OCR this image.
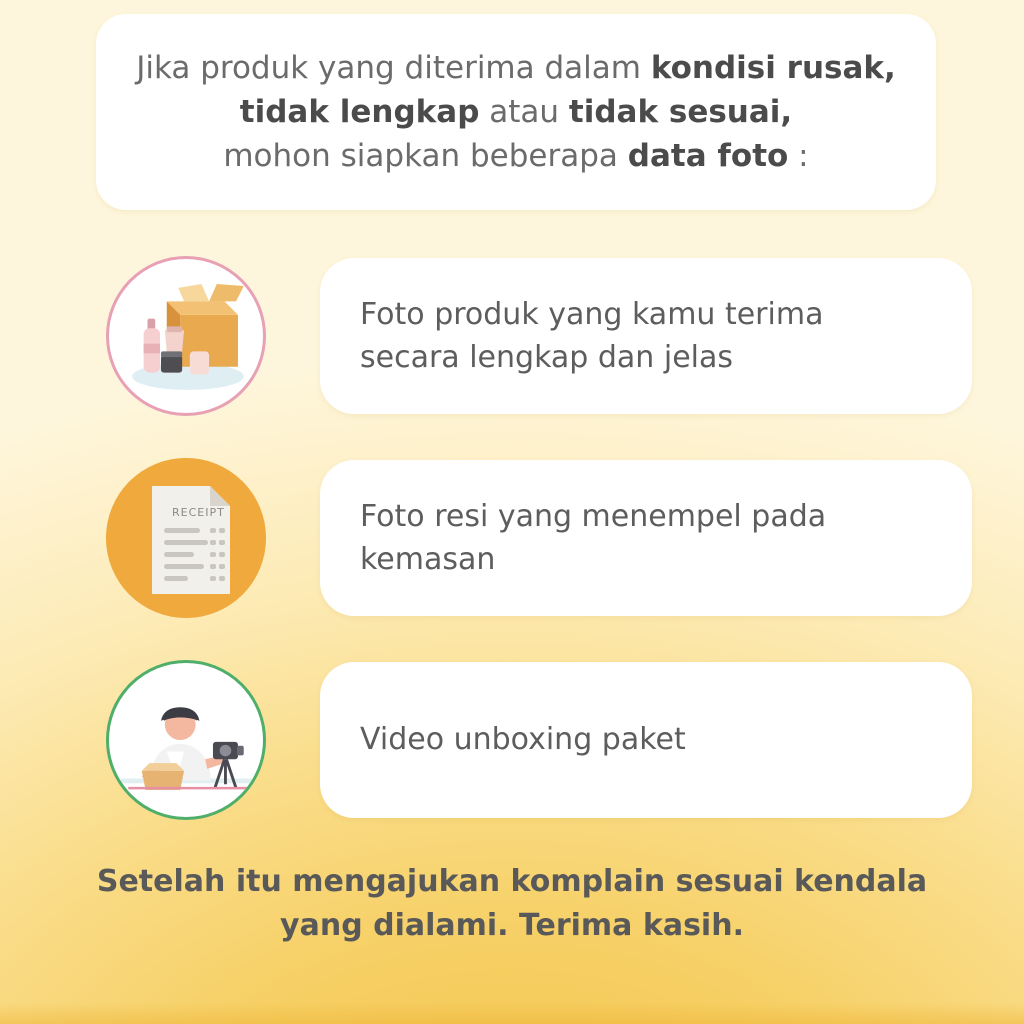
Jika produk yang diterima dalam kondisi rusak,
tidak lengkap atau tidak sesuai,
mohon siapkan beberapa data foto :
Foto produk yang kamu terima secara lengkap dan jelas
RECEIPT	Foto resi yang menempel pada kemasan
Video unboxing paket
Setelah itu mengajukan komplain sesuai kendala
yang dialami. Terima kasih.
